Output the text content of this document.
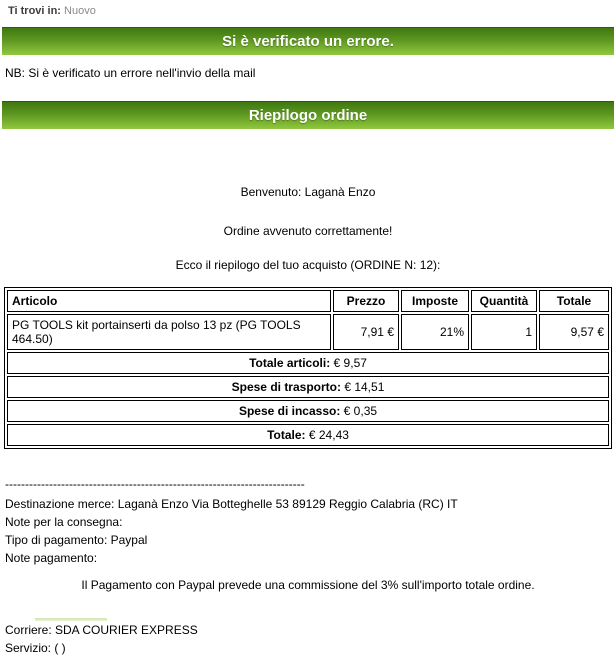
Ti trovi in: Nuovo
Si è verificato un errore.
NB: Si è verificato un errore nell'invio della mail
Riepilogo ordine
Benvenuto: Laganà Enzo
Ordine avvenuto correttamente!
Ecco il riepilogo del tuo acquisto (ORDINE N: 12):
Articolo	Prezzo	Imposte	Quantità	Totale
PG TOOLS kit portainserti da polso 13 pz (PG TOOLS 464.50)	7,91 €	21%	1	9,57 €
Totale articoli: € 9,57				
Spese di trasporto: € 14,51				
Spese di incasso: € 0,35				
Totale: € 24,43				
---------------------------------------------------------------------------
Destinazione merce: Laganà Enzo Via Botteghelle 53 89129 Reggio Calabria (RC) IT
Note per la consegna:
Tipo di pagamento: Paypal
Note pagamento:
Il Pagamento con Paypal prevede una commissione del 3% sull'importo totale ordine.
Corriere: SDA COURIER EXPRESS
Servizio: ( )
